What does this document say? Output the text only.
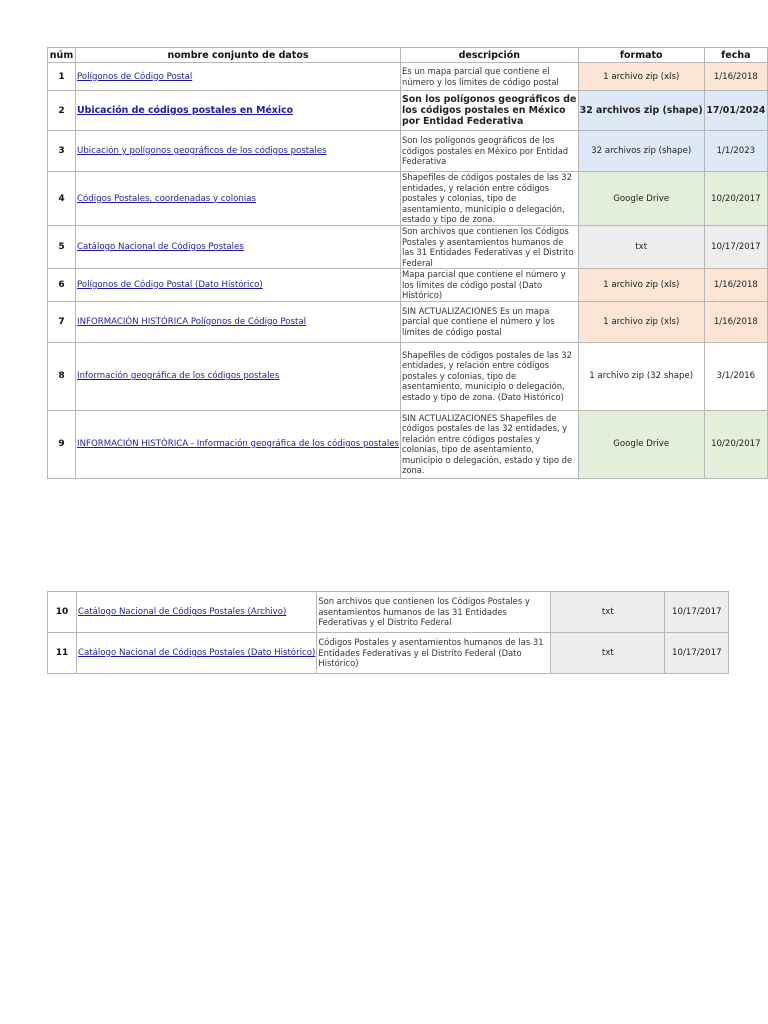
núm	nombre conjunto de datos	descripción	formato	fecha
1	Polígonos de Código Postal	Es un mapa parcial que contiene el número y los límites de código postal	1 archivo zip (xls)	1/16/2018
2	Ubicación de códigos postales en México	Son los polígonos geográficos de los códigos postales en México por Entidad Federativa	32 archivos zip (shape)	17/01/2024
3	Ubicación y polígonos geográficos de los códigos postales	Son los polígonos geográficos de los códigos postales en México por Entidad Federativa	32 archivos zip (shape)	1/1/2023
4	Códigos Postales, coordenadas y colonias	Shapefiles de códigos postales de las 32 entidades, y relación entre códigos postales y colonias, tipo de asentamiento, municipio o delegación, estado y tipo de zona.	Google Drive	10/20/2017
5	Catálogo Nacional de Códigos Postales	Son archivos que contienen los Códigos Postales y asentamientos humanos de las 31 Entidades Federativas y el Distrito Federal	txt	10/17/2017
6	Polígonos de Código Postal (Dato Histórico)	Mapa parcial que contiene el número y los límites de código postal (Dato Histórico)	1 archivo zip (xls)	1/16/2018
7	INFORMACIÓN HISTÓRICA Polígonos de Código Postal	SIN ACTUALIZACIONES Es un mapa parcial que contiene el número y los límites de código postal	1 archivo zip (xls)	1/16/2018
8	Información geográfica de los códigos postales	Shapefiles de códigos postales de las 32 entidades, y relación entre códigos postales y colonias, tipo de asentamiento, municipio o delegación, estado y tipo de zona. (Dato Histórico)	1 archivo zip (32 shape)	3/1/2016
9	INFORMACIÓN HISTÓRICA - Información geográfica de los códigos postales	SIN ACTUALIZACIONES Shapefiles de códigos postales de las 32 entidades, y relación entre códigos postales y colonias, tipo de asentamiento, municipio o delegación, estado y tipo de zona.	Google Drive	10/20/2017
10	Catálogo Nacional de Códigos Postales (Archivo)	Son archivos que contienen los Códigos Postales y asentamientos humanos de las 31 Entidades Federativas y el Distrito Federal	txt	10/17/2017
11	Catálogo Nacional de Códigos Postales (Dato Histórico)	Códigos Postales y asentamientos humanos de las 31 Entidades Federativas y el Distrito Federal (Dato Histórico)	txt	10/17/2017
